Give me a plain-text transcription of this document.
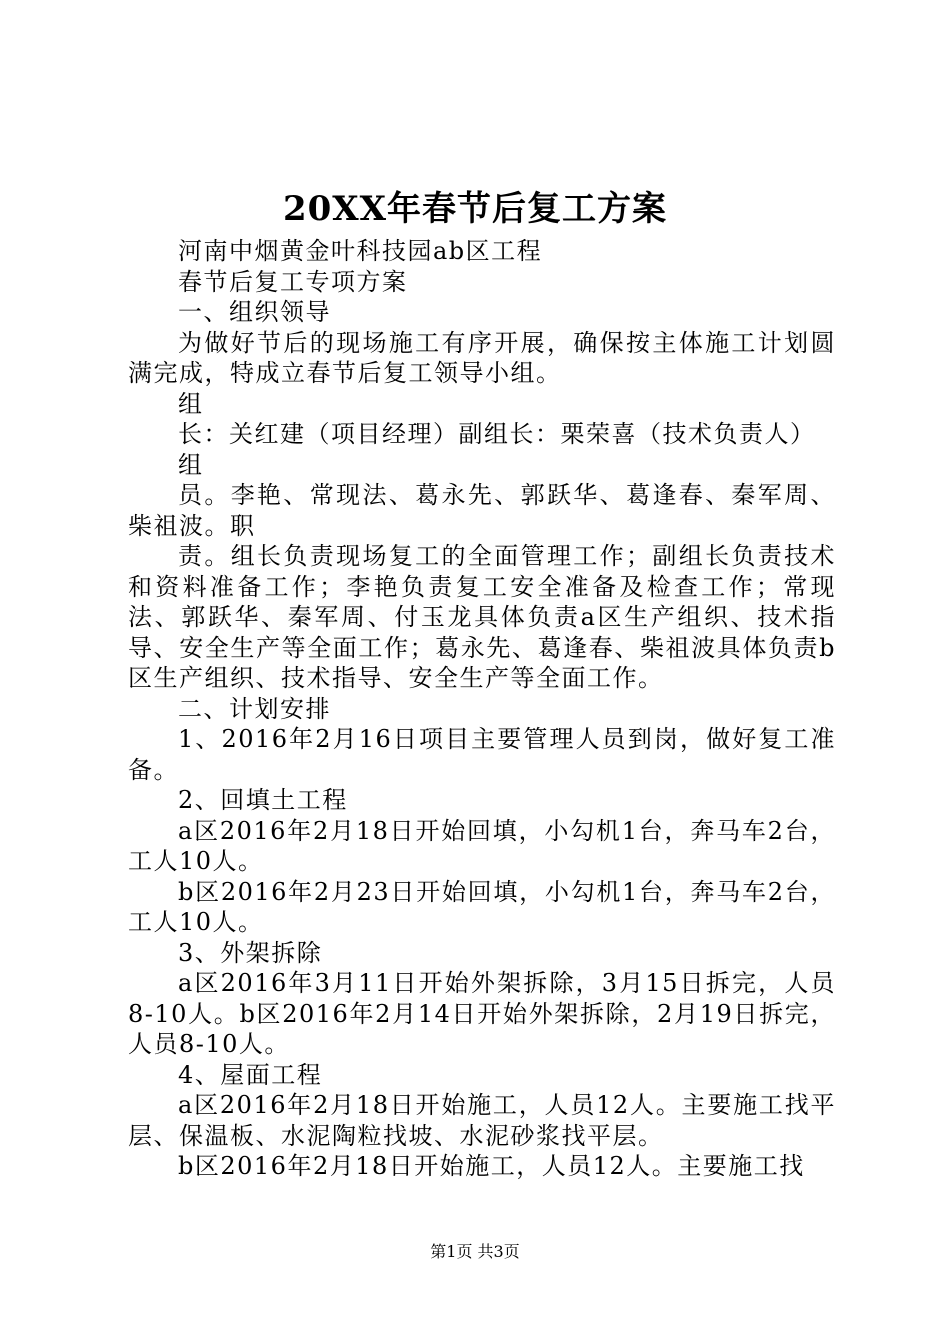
20XX年春节后复工方案

河南中烟黄金叶科技园ab区工程

春节后复工专项方案

一、组织领导

为做好节后的现场施工有序开展，确保按主体施工计划圆满完成，特成立春节后复工领导小组。

组

长：关红建（项目经理）副组长：栗荣喜（技术负责人）

组

员。李艳、常现法、葛永先、郭跃华、葛逢春、秦军周、柴祖波。职

责。组长负责现场复工的全面管理工作；副组长负责技术和资料准备工作；李艳负责复工安全准备及检查工作；常现法、郭跃华、秦军周、付玉龙具体负责a区生产组织、技术指导、安全生产等全面工作；葛永先、葛逢春、柴祖波具体负责b区生产组织、技术指导、安全生产等全面工作。

二、计划安排

1、2016年2月16日项目主要管理人员到岗，做好复工准备。

2、回填土工程

a区2016年2月18日开始回填，小勾机1台，奔马车2台，工人10人。

b区2016年2月23日开始回填，小勾机1台，奔马车2台，工人10人。

3、外架拆除

a区2016年3月11日开始外架拆除，3月15日拆完，人员8-10人。b区2016年2月14日开始外架拆除，2月19日拆完，人员8-10人。

4、屋面工程

a区2016年2月18日开始施工，人员12人。主要施工找平层、保温板、水泥陶粒找坡、水泥砂浆找平层。

b区2016年2月18日开始施工，人员12人。主要施工找

第1页 共3页
